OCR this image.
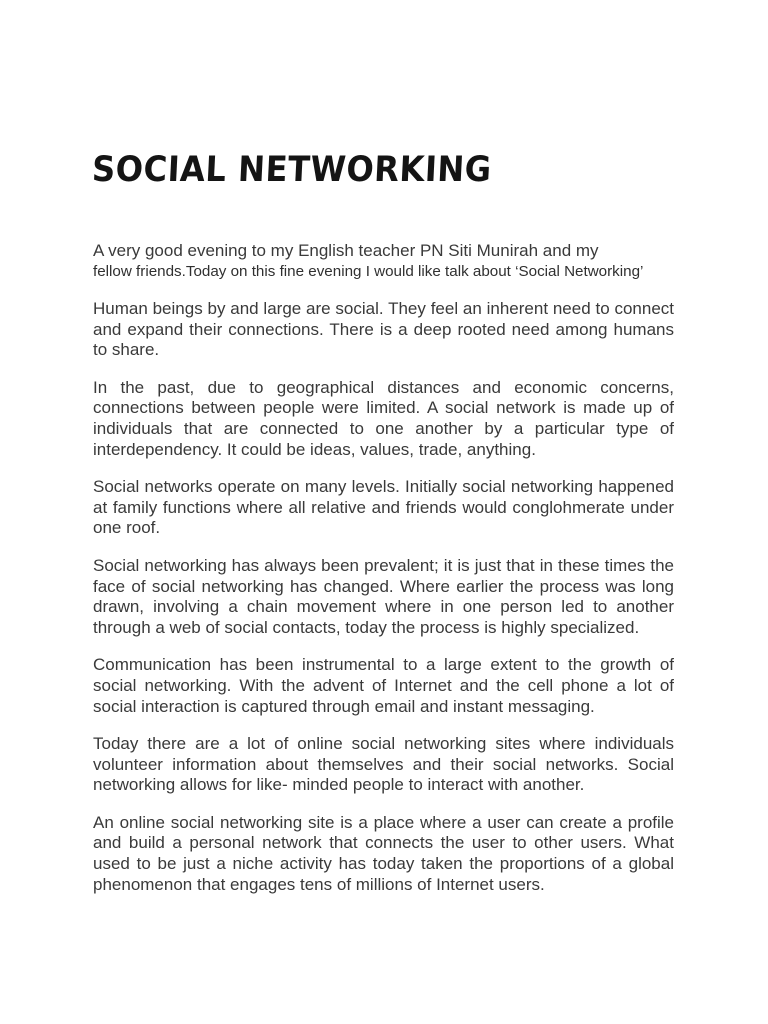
SOCIAL NETWORKING

A very good evening to my English teacher PN Siti Munirah and my

fellow friends.Today on this fine evening I would like talk about ‘Social Networking’

Human beings by and large are social. They feel an inherent need to connect and expand their connections. There is a deep rooted need among humans to share.

In the past, due to geographical distances and economic concerns, connections between people were limited. A social network is made up of individuals that are connected to one another by a particular type of interdependency. It could be ideas, values, trade, anything.

Social networks operate on many levels. Initially social networking happened at family functions where all relative and friends would conglohmerate under one roof.

Social networking has always been prevalent; it is just that in these times the face of social networking has changed. Where earlier the process was long drawn, involving a chain movement where in one person led to another through a web of social contacts, today the process is highly specialized.

Communication has been instrumental to a large extent to the growth of social networking. With the advent of Internet and the cell phone a lot of social interaction is captured through email and instant messaging.

Today there are a lot of online social networking sites where individuals volunteer information about themselves and their social networks. Social networking allows for like- minded people to interact with another.

An online social networking site is a place where a user can create a profile and build a personal network that connects the user to other users. What used to be just a niche activity has today taken the proportions of a global phenomenon that engages tens of millions of Internet users.
